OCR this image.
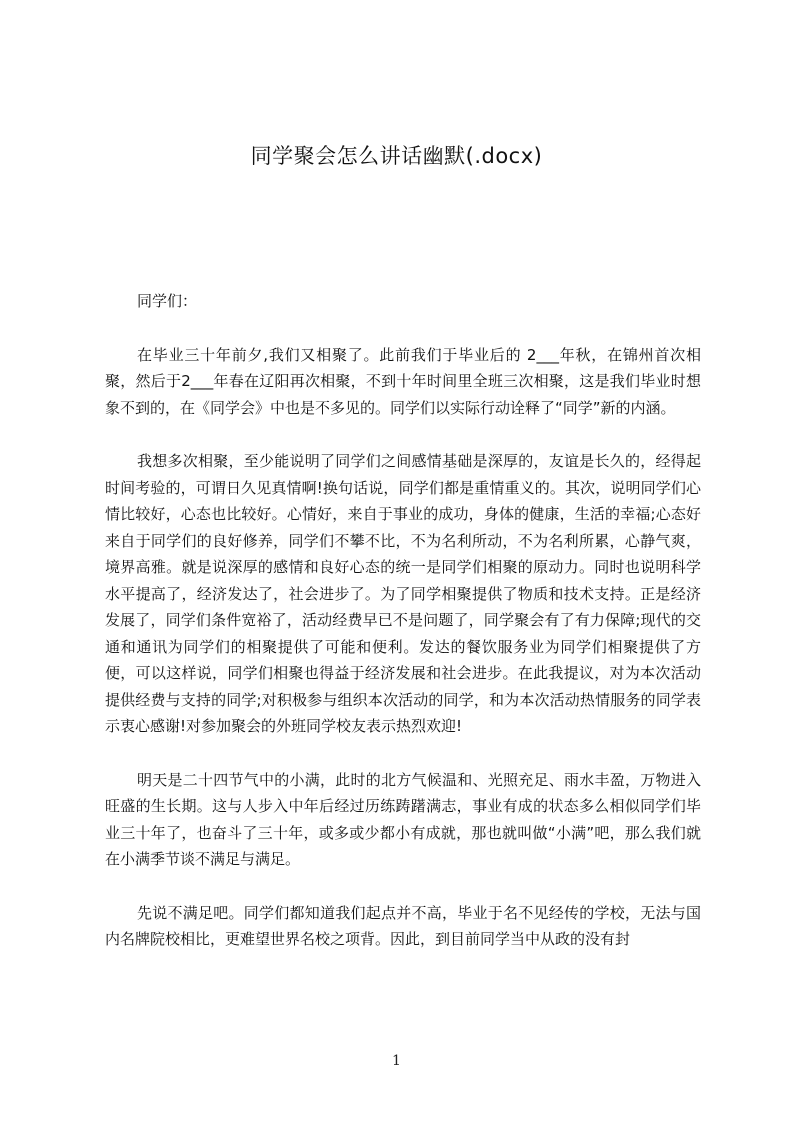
同学聚会怎么讲话幽默(.docx)

同学们：

在毕业三十年前夕,我们又相聚了。此前我们于毕业后的 2___年秋，在锦州首次相聚，然后于2___年春在辽阳再次相聚，不到十年时间里全班三次相聚，这是我们毕业时想象不到的，在《同学会》中也是不多见的。同学们以实际行动诠释了“同学”新的内涵。

我想多次相聚，至少能说明了同学们之间感情基础是深厚的，友谊是长久的，经得起时间考验的，可谓日久见真情啊!换句话说，同学们都是重情重义的。其次，说明同学们心情比较好，心态也比较好。心情好，来自于事业的成功，身体的健康，生活的幸福;心态好来自于同学们的良好修养，同学们不攀不比，不为名利所动，不为名利所累，心静气爽，境界高雅。就是说深厚的感情和良好心态的统一是同学们相聚的原动力。同时也说明科学水平提高了，经济发达了，社会进步了。为了同学相聚提供了物质和技术支持。正是经济发展了，同学们条件宽裕了，活动经费早已不是问题了，同学聚会有了有力保障;现代的交通和通讯为同学们的相聚提供了可能和便利。发达的餐饮服务业为同学们相聚提供了方便，可以这样说，同学们相聚也得益于经济发展和社会进步。在此我提议，对为本次活动提供经费与支持的同学;对积极参与组织本次活动的同学，和为本次活动热情服务的同学表示衷心感谢!对参加聚会的外班同学校友表示热烈欢迎!

明天是二十四节气中的小满，此时的北方气候温和、光照充足、雨水丰盈，万物进入旺盛的生长期。这与人步入中年后经过历练踌躇满志，事业有成的状态多么相似同学们毕业三十年了，也奋斗了三十年，或多或少都小有成就，那也就叫做“小满”吧，那么我们就在小满季节谈不满足与满足。

先说不满足吧。同学们都知道我们起点并不高，毕业于名不见经传的学校，无法与国内名牌院校相比，更难望世界名校之项背。因此，到目前同学当中从政的没有封

1
